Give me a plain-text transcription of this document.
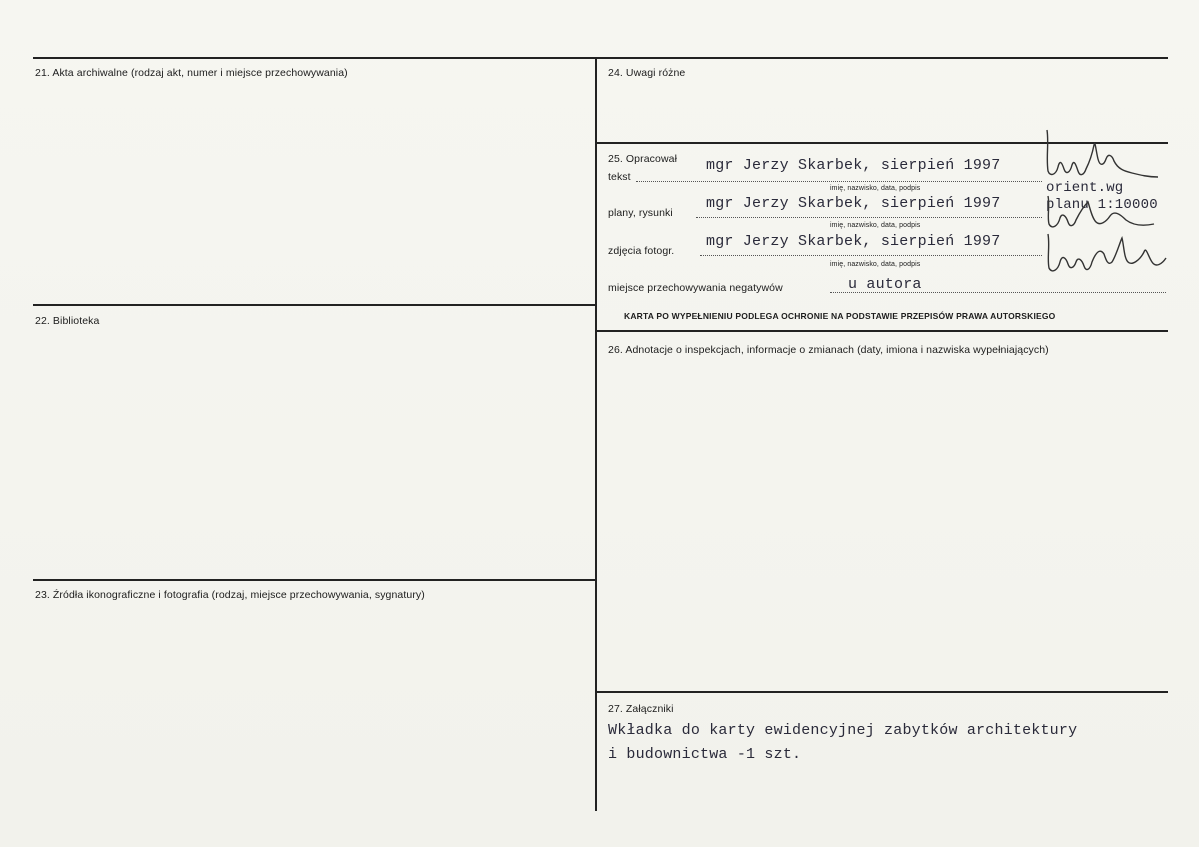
21. Akta archiwalne (rodzaj akt, numer i miejsce przechowywania)
22. Biblioteka
23. Źródła ikonograficzne i fotografia (rodzaj, miejsce przechowywania, sygnatury)
24. Uwagi różne
25. Opracował
tekst
mgr Jerzy Skarbek, sierpień 1997
imię, nazwisko, data, podpis
plany, rysunki
mgr Jerzy Skarbek, sierpień 1997
imię, nazwisko, data, podpis
zdjęcia fotogr.
mgr Jerzy Skarbek, sierpień 1997
imię, nazwisko, data, podpis
miejsce przechowywania negatywów	u autora
orient.wg
planu 1:10000
KARTA PO WYPEŁNIENIU PODLEGA OCHRONIE NA PODSTAWIE PRZEPISÓW PRAWA AUTORSKIEGO
26. Adnotacje o inspekcjach, informacje o zmianach (daty, imiona i nazwiska wypełniających)
27. Załączniki
Wkładka do karty ewidencyjnej zabytków architektury
i budownictwa -1 szt.
